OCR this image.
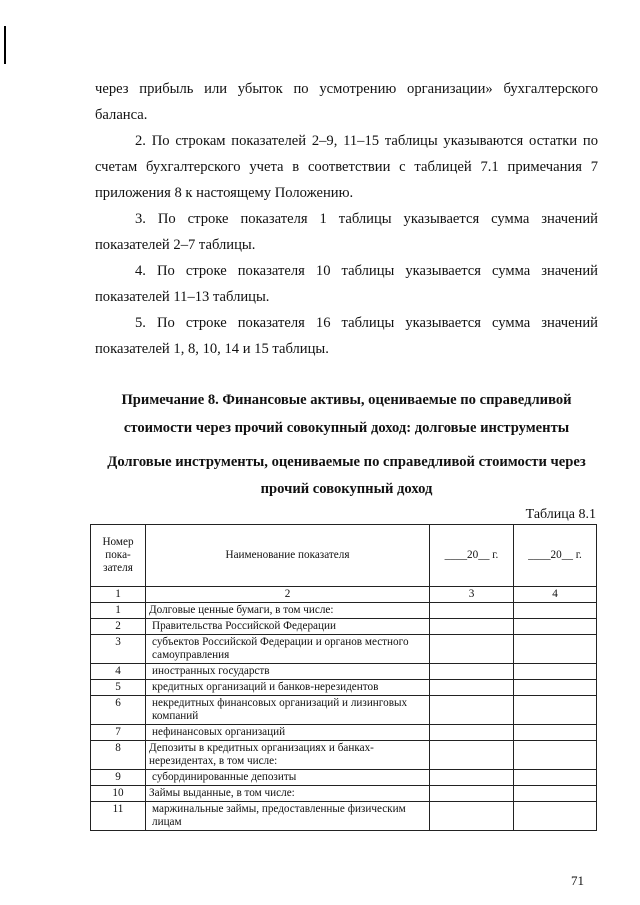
через прибыль или убыток по усмотрению организации» бухгалтерского

баланса.

2. По строкам показателей 2–9, 11–15 таблицы указываются остатки по

счетам бухгалтерского учета в соответствии с таблицей 7.1 примечания 7

приложения 8 к настоящему Положению.

3. По строке показателя 1 таблицы указывается сумма значений

показателей 2–7 таблицы.

4. По строке показателя 10 таблицы указывается сумма значений

показателей 11–13 таблицы.

5. По строке показателя 16 таблицы указывается сумма значений

показателей 1, 8, 10, 14 и 15 таблицы.

Примечание 8. Финансовые активы, оцениваемые по справедливой

стоимости через прочий совокупный доход: долговые инструменты

Долговые инструменты, оцениваемые по справедливой стоимости через

прочий совокупный доход

Таблица 8.1
Номер
пока-
зателя	Наименование показателя	____20__ г.	____20__ г.
1	2	3	4
1	Долговые ценные бумаги, в том числе:		
2	Правительства Российской Федерации		
3	субъектов Российской Федерации и органов местного самоуправления		
4	иностранных государств		
5	кредитных организаций и банков-нерезидентов		
6	некредитных финансовых организаций и лизинговых компаний		
7	нефинансовых организаций		
8	Депозиты в кредитных организациях и банках-нерезидентах, в том числе:		
9	субординированные депозиты		
10	Займы выданные, в том числе:		
11	маржинальные займы, предоставленные физическим лицам		
71
